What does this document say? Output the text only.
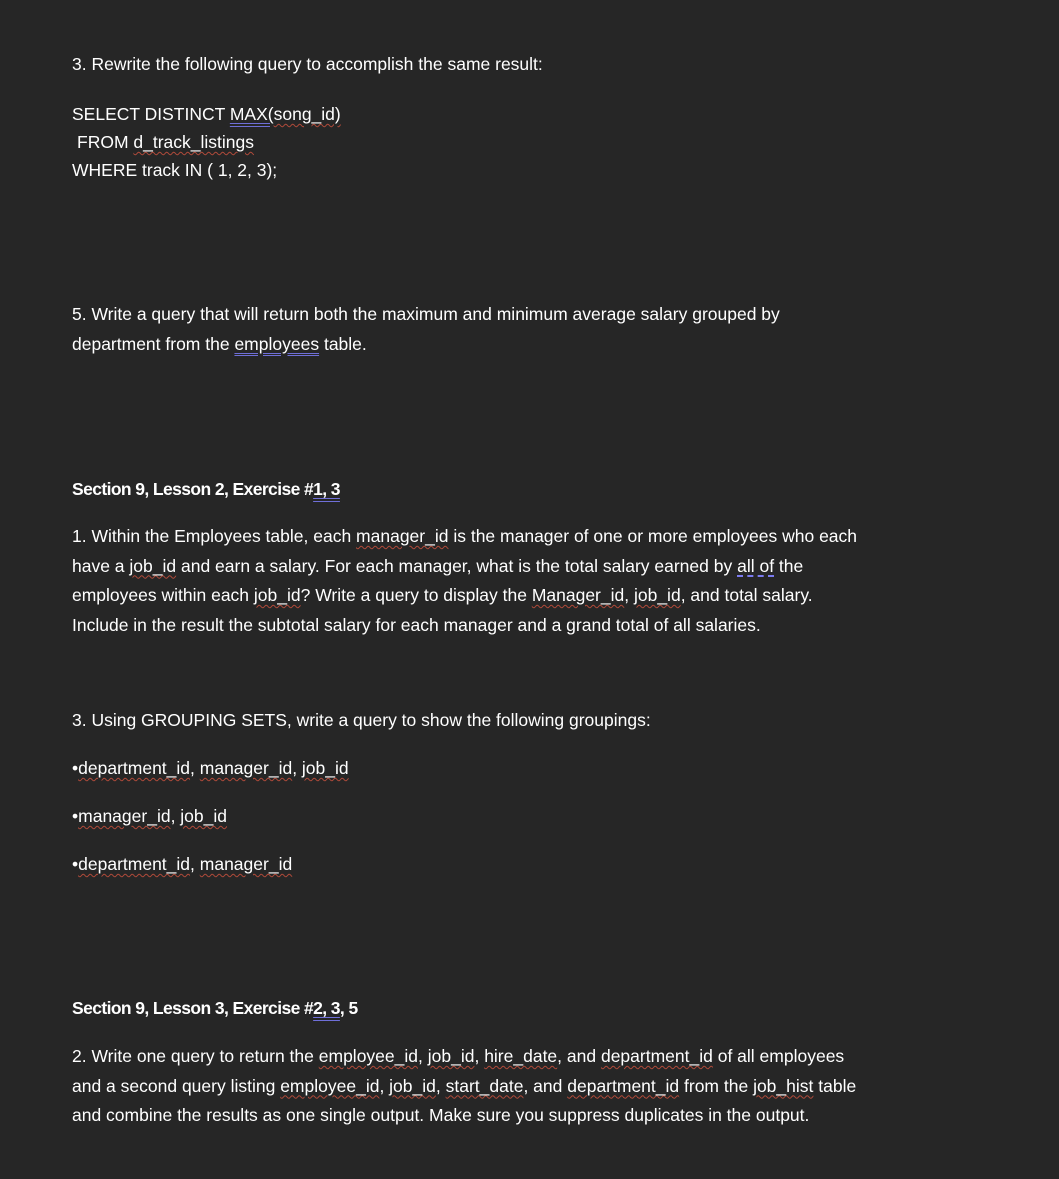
3. Rewrite the following query to accomplish the same result:
SELECT DISTINCT MAX(song_id)
FROM d_track_listings
WHERE track IN ( 1, 2, 3);
5. Write a query that will return both the maximum and minimum average salary grouped by
department from the employees table.
Section 9, Lesson 2, Exercise #1, 3
1. Within the Employees table, each manager_id is the manager of one or more employees who each
have a job_id and earn a salary. For each manager, what is the total salary earned by all of the
employees within each job_id? Write a query to display the Manager_id, job_id, and total salary.
Include in the result the subtotal salary for each manager and a grand total of all salaries.
3. Using GROUPING SETS, write a query to show the following groupings:
•department_id, manager_id, job_id
•manager_id, job_id
•department_id, manager_id
Section 9, Lesson 3, Exercise #2, 3, 5
2. Write one query to return the employee_id, job_id, hire_date, and department_id of all employees
and a second query listing employee_id, job_id, start_date, and department_id from the job_hist table
and combine the results as one single output. Make sure you suppress duplicates in the output.
